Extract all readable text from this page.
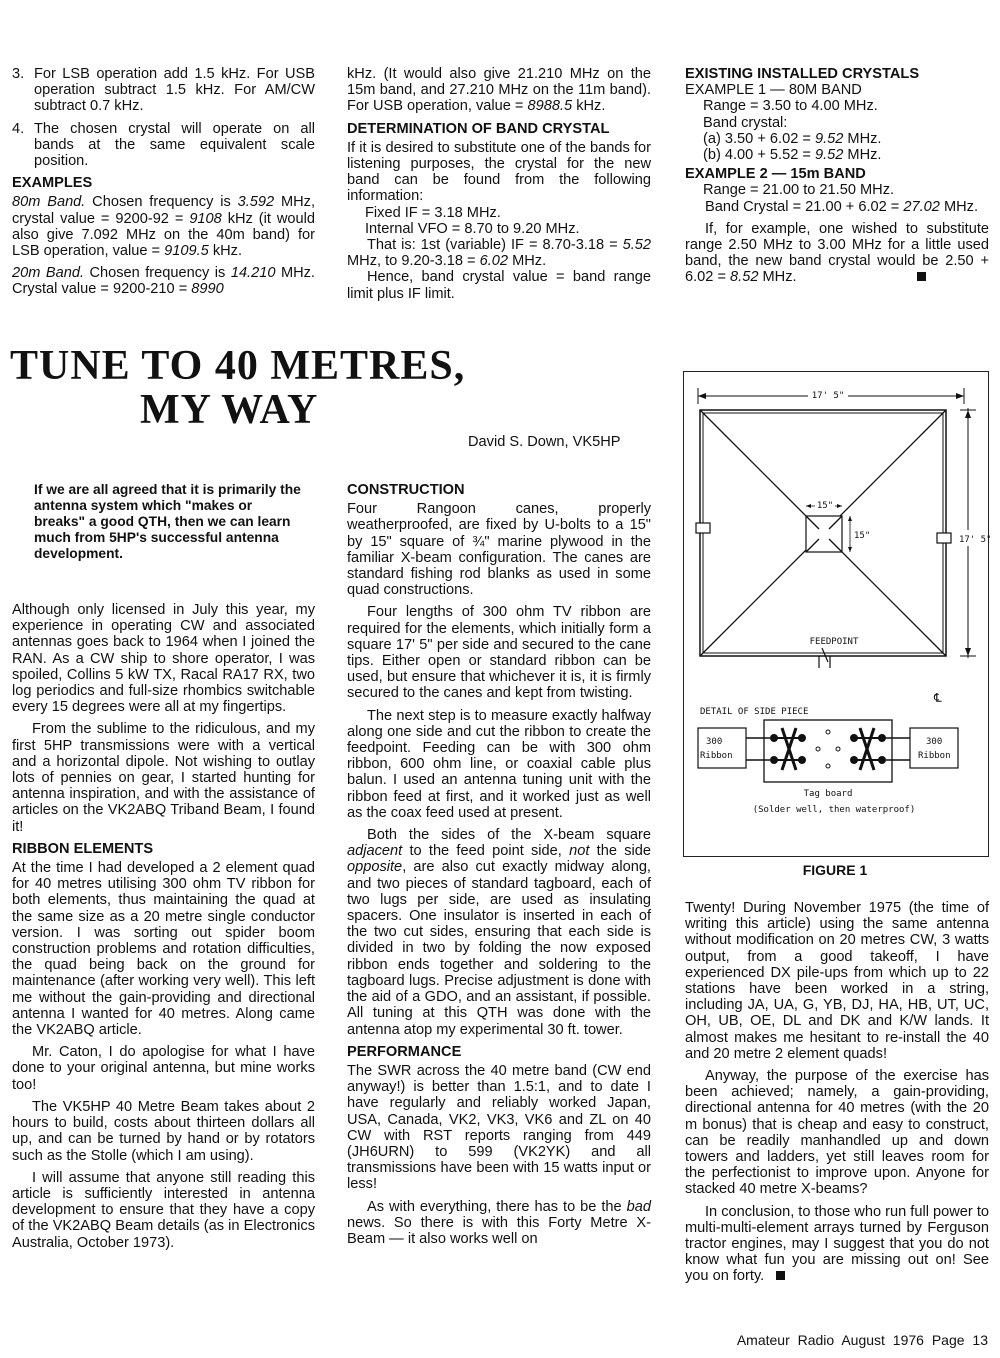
3. For LSB operation add 1.5 kHz. For USB operation subtract 1.5 kHz. For AM/CW subtract 0.7 kHz.
4. The chosen crystal will operate on all bands at the same equivalent scale position.
EXAMPLES

80m Band. Chosen frequency is 3.592 MHz, crystal value = 9200-92 = 9108 kHz (it would also give 7.092 MHz on the 40m band) for LSB operation, value = 9109.5 kHz.

20m Band. Chosen frequency is 14.210 MHz. Crystal value = 9200-210 = 8990

kHz. (It would also give 21.210 MHz on the 15m band, and 27.210 MHz on the 11m band). For USB operation, value = 8988.5 kHz.

DETERMINATION OF BAND CRYSTAL

If it is desired to substitute one of the bands for listening purposes, the crystal for the new band can be found from the following information:

Fixed IF = 3.18 MHz.

Internal VFO = 8.70 to 9.20 MHz.

That is: 1st (variable) IF = 8.70-3.18 = 5.52 MHz, to 9.20-3.18 = 6.02 MHz.

Hence, band crystal value = band range limit plus IF limit.

EXISTING INSTALLED CRYSTALS

EXAMPLE 1 — 80M BAND

Range = 3.50 to 4.00 MHz.

Band crystal:

(a) 3.50 + 6.02 = 9.52 MHz.

(b) 4.00 + 5.52 = 9.52 MHz.

EXAMPLE 2 — 15m BAND

Range = 21.00 to 21.50 MHz.

Band Crystal = 21.00 + 6.02 = 27.02 MHz.

If, for example, one wished to substitute range 2.50 MHz to 3.00 MHz for a little used band, the new band crystal would be 2.50 + 6.02 = 8.52 MHz.

TUNE TO 40 METRES,
MY WAY
David S. Down, VK5HP

If we are all agreed that it is primarily the antenna system which "makes or breaks" a good QTH, then we can learn much from 5HP's successful antenna development.

Although only licensed in July this year, my experience in operating CW and associated antennas goes back to 1964 when I joined the RAN. As a CW ship to shore operator, I was spoiled, Collins 5 kW TX, Racal RA17 RX, two log periodics and full-size rhombics switchable every 15 degrees were all at my fingertips.

From the sublime to the ridiculous, and my first 5HP transmissions were with a vertical and a horizontal dipole. Not wishing to outlay lots of pennies on gear, I started hunting for antenna inspiration, and with the assistance of articles on the VK2ABQ Triband Beam, I found it!

RIBBON ELEMENTS

At the time I had developed a 2 element quad for 40 metres utilising 300 ohm TV ribbon for both elements, thus maintaining the quad at the same size as a 20 metre single conductor version. I was sorting out spider boom construction problems and rotation difficulties, the quad being back on the ground for maintenance (after working very well). This left me without the gain-providing and directional antenna I wanted for 40 metres. Along came the VK2ABQ article.

Mr. Caton, I do apologise for what I have done to your original antenna, but mine works too!

The VK5HP 40 Metre Beam takes about 2 hours to build, costs about thirteen dollars all up, and can be turned by hand or by rotators such as the Stolle (which I am using).

I will assume that anyone still reading this article is sufficiently interested in antenna development to ensure that they have a copy of the VK2ABQ Beam details (as in Electronics Australia, October 1973).

CONSTRUCTION

Four Rangoon canes, properly weatherproofed, are fixed by U-bolts to a 15" by 15" square of ¾" marine plywood in the familiar X-beam configuration. The canes are standard fishing rod blanks as used in some quad constructions.

Four lengths of 300 ohm TV ribbon are required for the elements, which initially form a square 17' 5" per side and secured to the cane tips. Either open or standard ribbon can be used, but ensure that whichever it is, it is firmly secured to the canes and kept from twisting.

The next step is to measure exactly halfway along one side and cut the ribbon to create the feedpoint. Feeding can be with 300 ohm ribbon, 600 ohm line, or coaxial cable plus balun. I used an antenna tuning unit with the ribbon feed at first, and it worked just as well as the coax feed used at present.

Both the sides of the X-beam square adjacent to the feed point side, not the side opposite, are also cut exactly midway along, and two pieces of standard tagboard, each of two lugs per side, are used as insulating spacers. One insulator is inserted in each of the two cut sides, ensuring that each side is divided in two by folding the now exposed ribbon ends together and soldering to the tagboard lugs. Precise adjustment is done with the aid of a GDO, and an assistant, if possible. All tuning at this QTH was done with the antenna atop my experimental 30 ft. tower.

PERFORMANCE

The SWR across the 40 metre band (CW end anyway!) is better than 1.5:1, and to date I have regularly and reliably worked Japan, USA, Canada, VK2, VK3, VK6 and ZL on 40 CW with RST reports ranging from 449 (JH6URN) to 599 (VK2YK) and all transmissions have been with 15 watts input or less!

As with everything, there has to be the bad news. So there is with this Forty Metre X-Beam — it also works well on

17' 5"
15"
15"	17' 5"
FEEDPOINT
℄
DETAIL OF SIDE PIECE
300
Ribbon
300
Ribbon
Tag board
(Solder well, then waterproof)
FIGURE 1

Twenty! During November 1975 (the time of writing this article) using the same antenna without modification on 20 metres CW, 3 watts output, from a good takeoff, I have experienced DX pile-ups from which up to 22 stations have been worked in a string, including JA, UA, G, YB, DJ, HA, HB, UT, UC, OH, UB, OE, DL and DK and K/W lands. It almost makes me hesitant to re-install the 40 and 20 metre 2 element quads!

Anyway, the purpose of the exercise has been achieved; namely, a gain-providing, directional antenna for 40 metres (with the 20 m bonus) that is cheap and easy to construct, can be readily manhandled up and down towers and ladders, yet still leaves room for the perfectionist to improve upon. Anyone for stacked 40 metre X-beams?

In conclusion, to those who run full power to multi-multi-element arrays turned by Ferguson tractor engines, may I suggest that you do not know what fun you are missing out on! See you on forty.

Amateur Radio August 1976 Page 13
